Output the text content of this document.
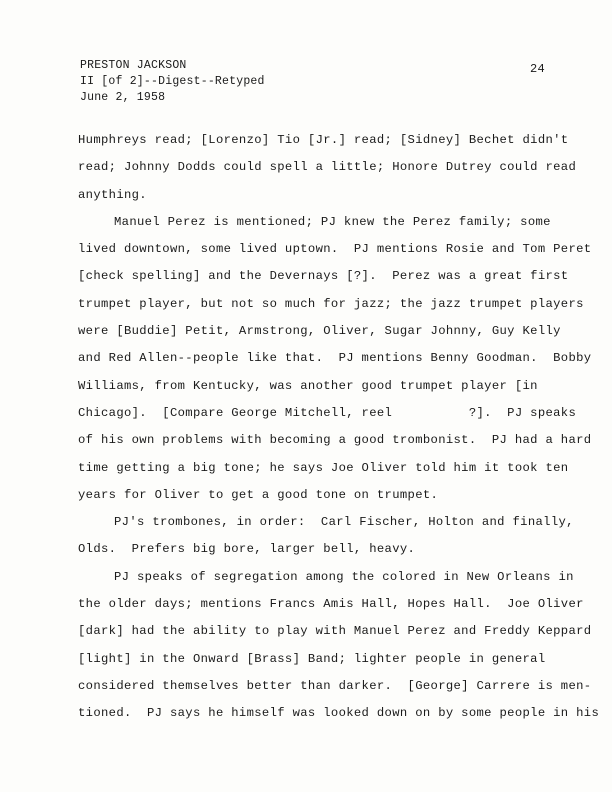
PRESTON JACKSON
II [of 2]--Digest--Retyped
June 2, 1958
24
Humphreys read; [Lorenzo] Tio [Jr.] read; [Sidney] Bechet didn't
read; Johnny Dodds could spell a little; Honore Dutrey could read
anything.
Manuel Perez is mentioned; PJ knew the Perez family; some
lived downtown, some lived uptown.  PJ mentions Rosie and Tom Peret
[check spelling] and the Devernays [?].  Perez was a great first
trumpet player, but not so much for jazz; the jazz trumpet players
were [Buddie] Petit, Armstrong, Oliver, Sugar Johnny, Guy Kelly
and Red Allen--people like that.  PJ mentions Benny Goodman.  Bobby
Williams, from Kentucky, was another good trumpet player [in
Chicago].  [Compare George Mitchell, reel          ?].  PJ speaks
of his own problems with becoming a good trombonist.  PJ had a hard
time getting a big tone; he says Joe Oliver told him it took ten
years for Oliver to get a good tone on trumpet.
PJ's trombones, in order:  Carl Fischer, Holton and finally,
Olds.  Prefers big bore, larger bell, heavy.
PJ speaks of segregation among the colored in New Orleans in
the older days; mentions Francs Amis Hall, Hopes Hall.  Joe Oliver
[dark] had the ability to play with Manuel Perez and Freddy Keppard
[light] in the Onward [Brass] Band; lighter people in general
considered themselves better than darker.  [George] Carrere is men-
tioned.  PJ says he himself was looked down on by some people in his
